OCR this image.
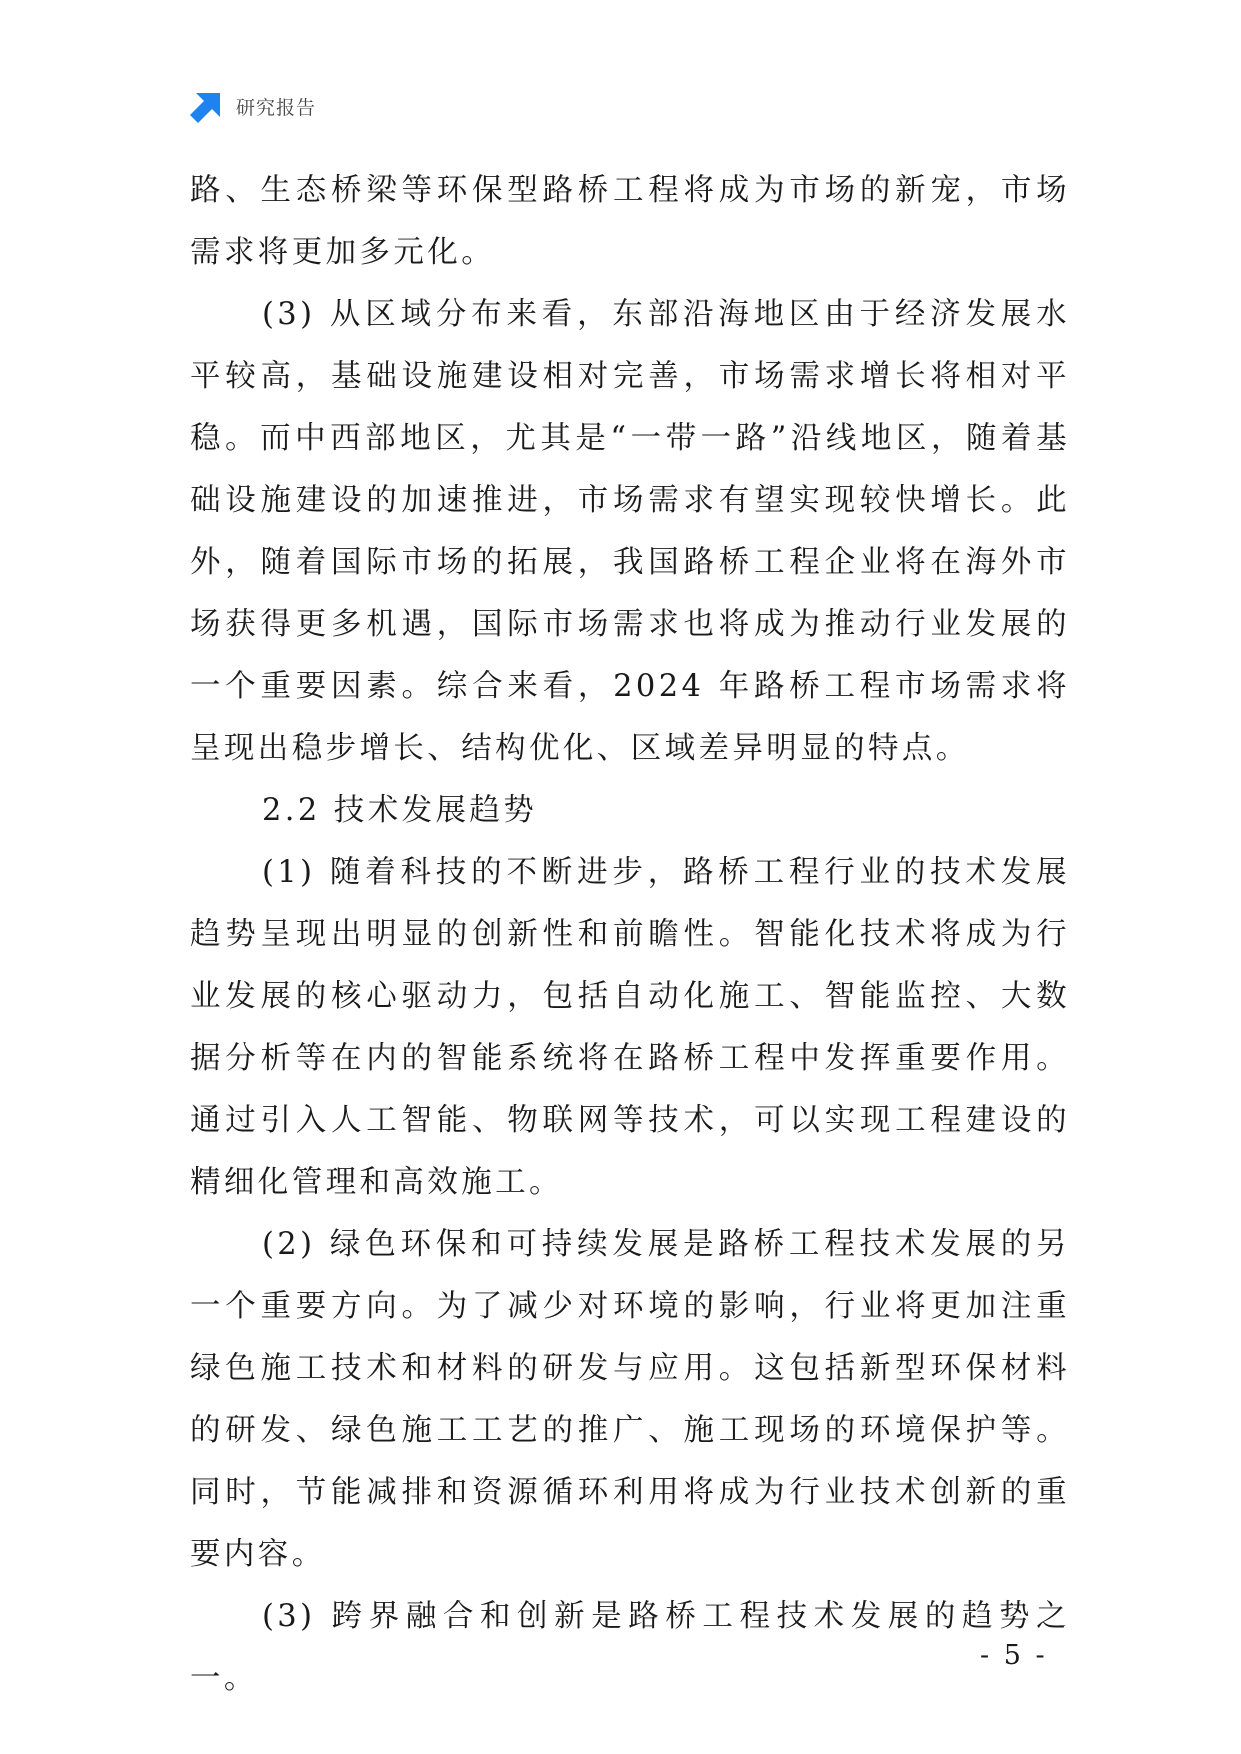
研究报告

路、生态桥梁等环保型路桥工程将成为市场的新宠，市场需求将更加多元化。

(3) 从区域分布来看，东部沿海地区由于经济发展水平较高，基础设施建设相对完善，市场需求增长将相对平稳。而中西部地区，尤其是“一带一路”沿线地区，随着基础设施建设的加速推进，市场需求有望实现较快增长。此外，随着国际市场的拓展，我国路桥工程企业将在海外市场获得更多机遇，国际市场需求也将成为推动行业发展的一个重要因素。综合来看，2024 年路桥工程市场需求将呈现出稳步增长、结构优化、区域差异明显的特点。

2.2 技术发展趋势

(1) 随着科技的不断进步，路桥工程行业的技术发展趋势呈现出明显的创新性和前瞻性。智能化技术将成为行业发展的核心驱动力，包括自动化施工、智能监控、大数据分析等在内的智能系统将在路桥工程中发挥重要作用。通过引入人工智能、物联网等技术，可以实现工程建设的精细化管理和高效施工。

(2) 绿色环保和可持续发展是路桥工程技术发展的另一个重要方向。为了减少对环境的影响，行业将更加注重绿色施工技术和材料的研发与应用。这包括新型环保材料的研发、绿色施工工艺的推广、施工现场的环境保护等。同时，节能减排和资源循环利用将成为行业技术创新的重要内容。

(3) 跨界融合和创新是路桥工程技术发展的趋势之一。

- 5 -
